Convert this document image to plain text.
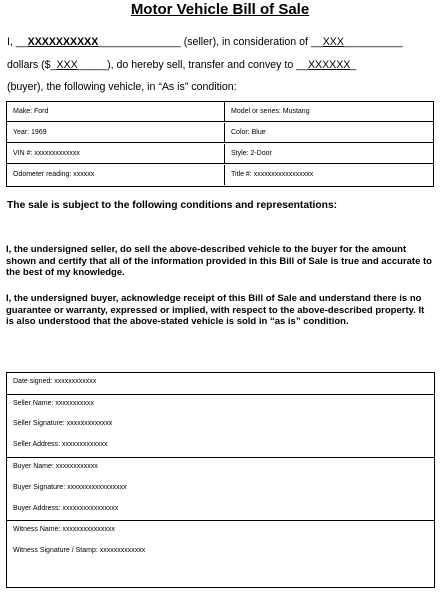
Motor Vehicle Bill of Sale
I, __XXXXXXXXXX______________ (seller), in consideration of __XXX__________
dollars ($_XXX_____), do hereby sell, transfer and convey to __XXXXXX_
(buyer), the following vehicle, in “As is” condition:
Make: Ford	Model or series: Mustang
Year: 1969	Color: Blue
VIN #: xxxxxxxxxxxxx	Style: 2-Door
Odometer reading: xxxxxx	Title #: xxxxxxxxxxxxxxxxx
The sale is subject to the following conditions and representations:
I, the undersigned seller, do sell the above-described vehicle to the buyer for the amount shown and certify that all of the information provided in this Bill of Sale is true and accurate to the best of my knowledge.
I, the undersigned buyer, acknowledge receipt of this Bill of Sale and understand there is no guarantee or warranty, expressed or implied, with respect to the above-described property. It is also understood that the above-stated vehicle is sold in “as is” condition.
Date signed: xxxxxxxxxxxx
Seller Name: xxxxxxxxxxx
Seller Signature: xxxxxxxxxxxxx
Seller Address: xxxxxxxxxxxxx
Buyer Name: xxxxxxxxxxxx
Buyer Signature: xxxxxxxxxxxxxxxxx
Buyer Address: xxxxxxxxxxxxxxxx
Witness Name: xxxxxxxxxxxxxxx
Witness Signature / Stamp: xxxxxxxxxxxxx
